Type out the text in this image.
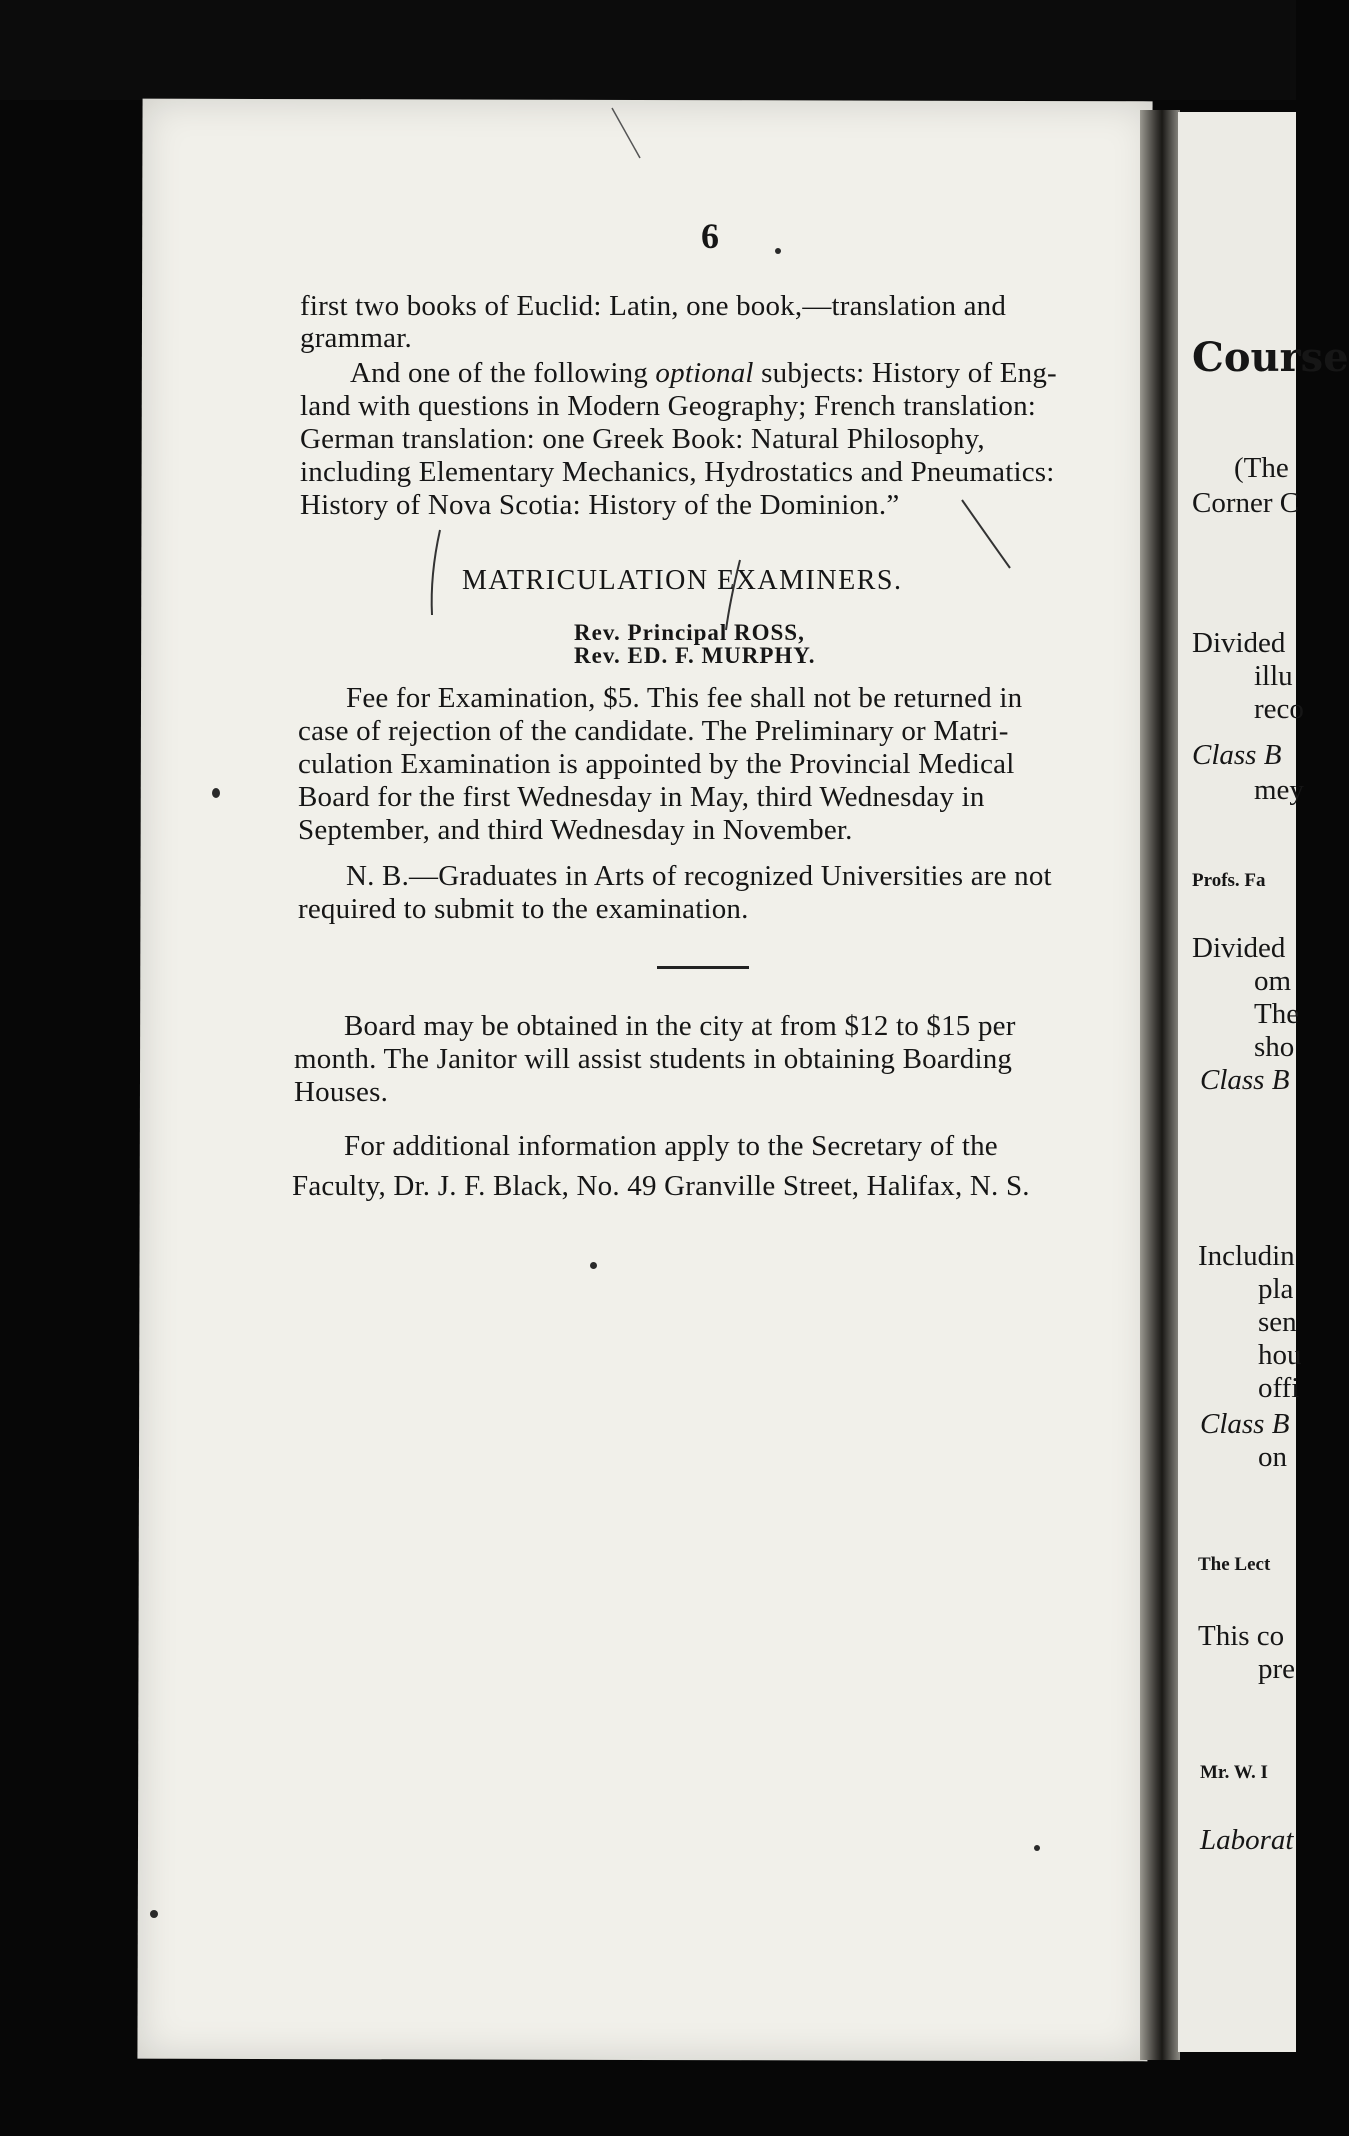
6
first two books of Euclid: Latin, one book,—translation and
grammar.
And one of the following optional subjects: History of Eng-
land with questions in Modern Geography; French translation:
German translation: one Greek Book: Natural Philosophy,
including Elementary Mechanics, Hydrostatics and Pneumatics:
History of Nova Scotia: History of the Dominion.”
MATRICULATION EXAMINERS.
Rev. Principal ROSS,
Rev. ED. F. MURPHY.
Fee for Examination, $5. This fee shall not be returned in
case of rejection of the candidate. The Preliminary or Matri-
culation Examination is appointed by the Provincial Medical
Board for the first Wednesday in May, third Wednesday in
September, and third Wednesday in November.
N. B.—Graduates in Arts of recognized Universities are not
required to submit to the examination.
Board may be obtained in the city at from $12 to $15 per
month. The Janitor will assist students in obtaining Boarding
Houses.
For additional information apply to the Secretary of the
Faculty, Dr. J. F. Black, No. 49 Granville Street, Halifax, N. S.
Course
(The
Corner C
Divided
illu
reco
Class B
mey
Profs. Fa
Divided
om
The
sho
Class B
Includin
pla
sen
hou
offi
Class B
on
The Lect
This co
pre
Mr. W. I
Laborat
